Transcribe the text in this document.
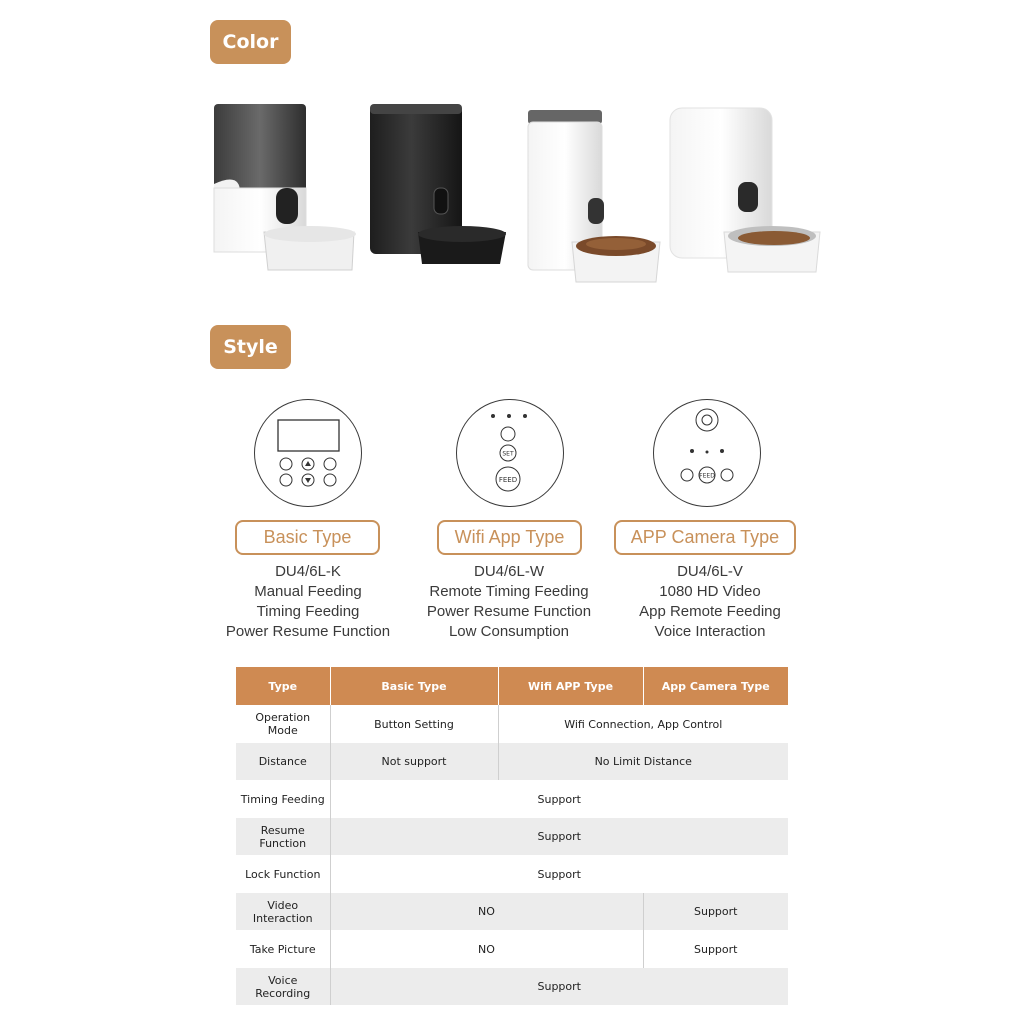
Color
Style
SET
FEED	FEED
Basic Type	Wifi App Type	APP Camera Type
DU4/6L-K
Manual Feeding
Timing Feeding
Power Resume Function
DU4/6L-W
Remote Timing Feeding
Power Resume Function
Low Consumption
DU4/6L-V
1080 HD Video
App Remote Feeding
Voice Interaction
Type	Basic Type	Wifi APP Type	App Camera Type
Operation Mode	Button Setting	Wifi Connection, App Control	
Distance	Not support	No Limit Distance	
Timing Feeding	Support		
Resume Function	Support		
Lock Function	Support		
Video Interaction	NO		Support
Take Picture	NO		Support
Voice Recording	Support		
